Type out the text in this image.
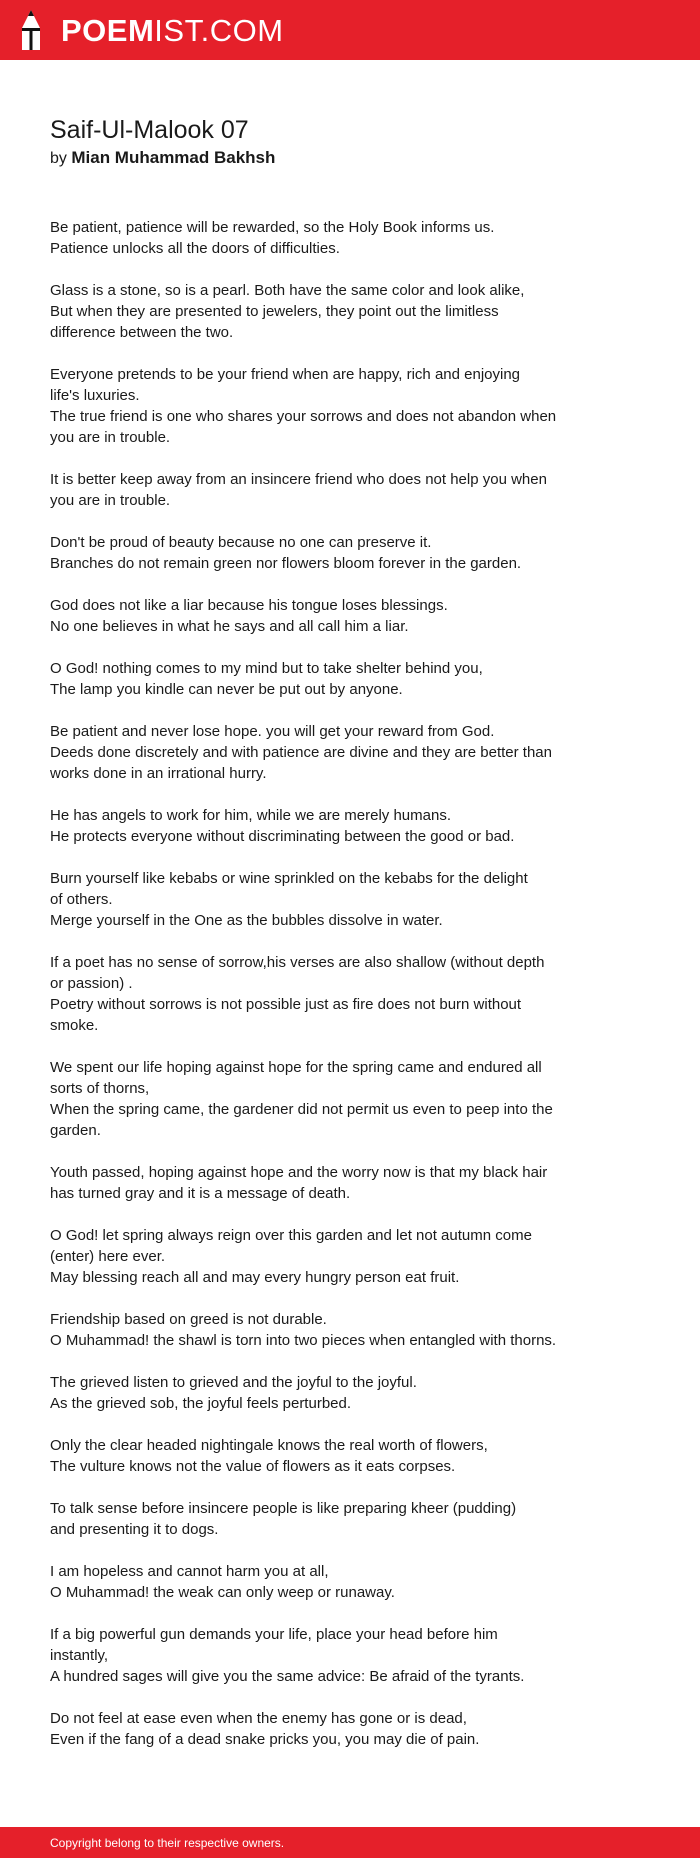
POEMIST.COM
Saif-Ul-Malook 07
by Mian Muhammad Bakhsh

Be patient, patience will be rewarded, so the Holy Book informs us.
Patience unlocks all the doors of difficulties.

Glass is a stone, so is a pearl. Both have the same color and look alike,
But when they are presented to jewelers, they point out the limitless
difference between the two.

Everyone pretends to be your friend when are happy, rich and enjoying
life's luxuries.
The true friend is one who shares your sorrows and does not abandon when
you are in trouble.

It is better keep away from an insincere friend who does not help you when
you are in trouble.

Don't be proud of beauty because no one can preserve it.
Branches do not remain green nor flowers bloom forever in the garden.

God does not like a liar because his tongue loses blessings.
No one believes in what he says and all call him a liar.

O God! nothing comes to my mind but to take shelter behind you,
The lamp you kindle can never be put out by anyone.

Be patient and never lose hope. you will get your reward from God.
Deeds done discretely and with patience are divine and they are better than
works done in an irrational hurry.

He has angels to work for him, while we are merely humans.
He protects everyone without discriminating between the good or bad.

Burn yourself like kebabs or wine sprinkled on the kebabs for the delight
of others.
Merge yourself in the One as the bubbles dissolve in water.

If a poet has no sense of sorrow,his verses are also shallow (without depth
or passion) .
Poetry without sorrows is not possible just as fire does not burn without
smoke.

We spent our life hoping against hope for the spring came and endured all
sorts of thorns,
When the spring came, the gardener did not permit us even to peep into the
garden.

Youth passed, hoping against hope and the worry now is that my black hair
has turned gray and it is a message of death.

O God! let spring always reign over this garden and let not autumn come
(enter) here ever.
May blessing reach all and may every hungry person eat fruit.

Friendship based on greed is not durable.
O Muhammad! the shawl is torn into two pieces when entangled with thorns.

The grieved listen to grieved and the joyful to the joyful.
As the grieved sob, the joyful feels perturbed.

Only the clear headed nightingale knows the real worth of flowers,
The vulture knows not the value of flowers as it eats corpses.

To talk sense before insincere people is like preparing kheer (pudding)
and presenting it to dogs.

I am hopeless and cannot harm you at all,
O Muhammad! the weak can only weep or runaway.

If a big powerful gun demands your life, place your head before him
instantly,
A hundred sages will give you the same advice: Be afraid of the tyrants.

Do not feel at ease even when the enemy has gone or is dead,
Even if the fang of a dead snake pricks you, you may die of pain.

Copyright belong to their respective owners.
